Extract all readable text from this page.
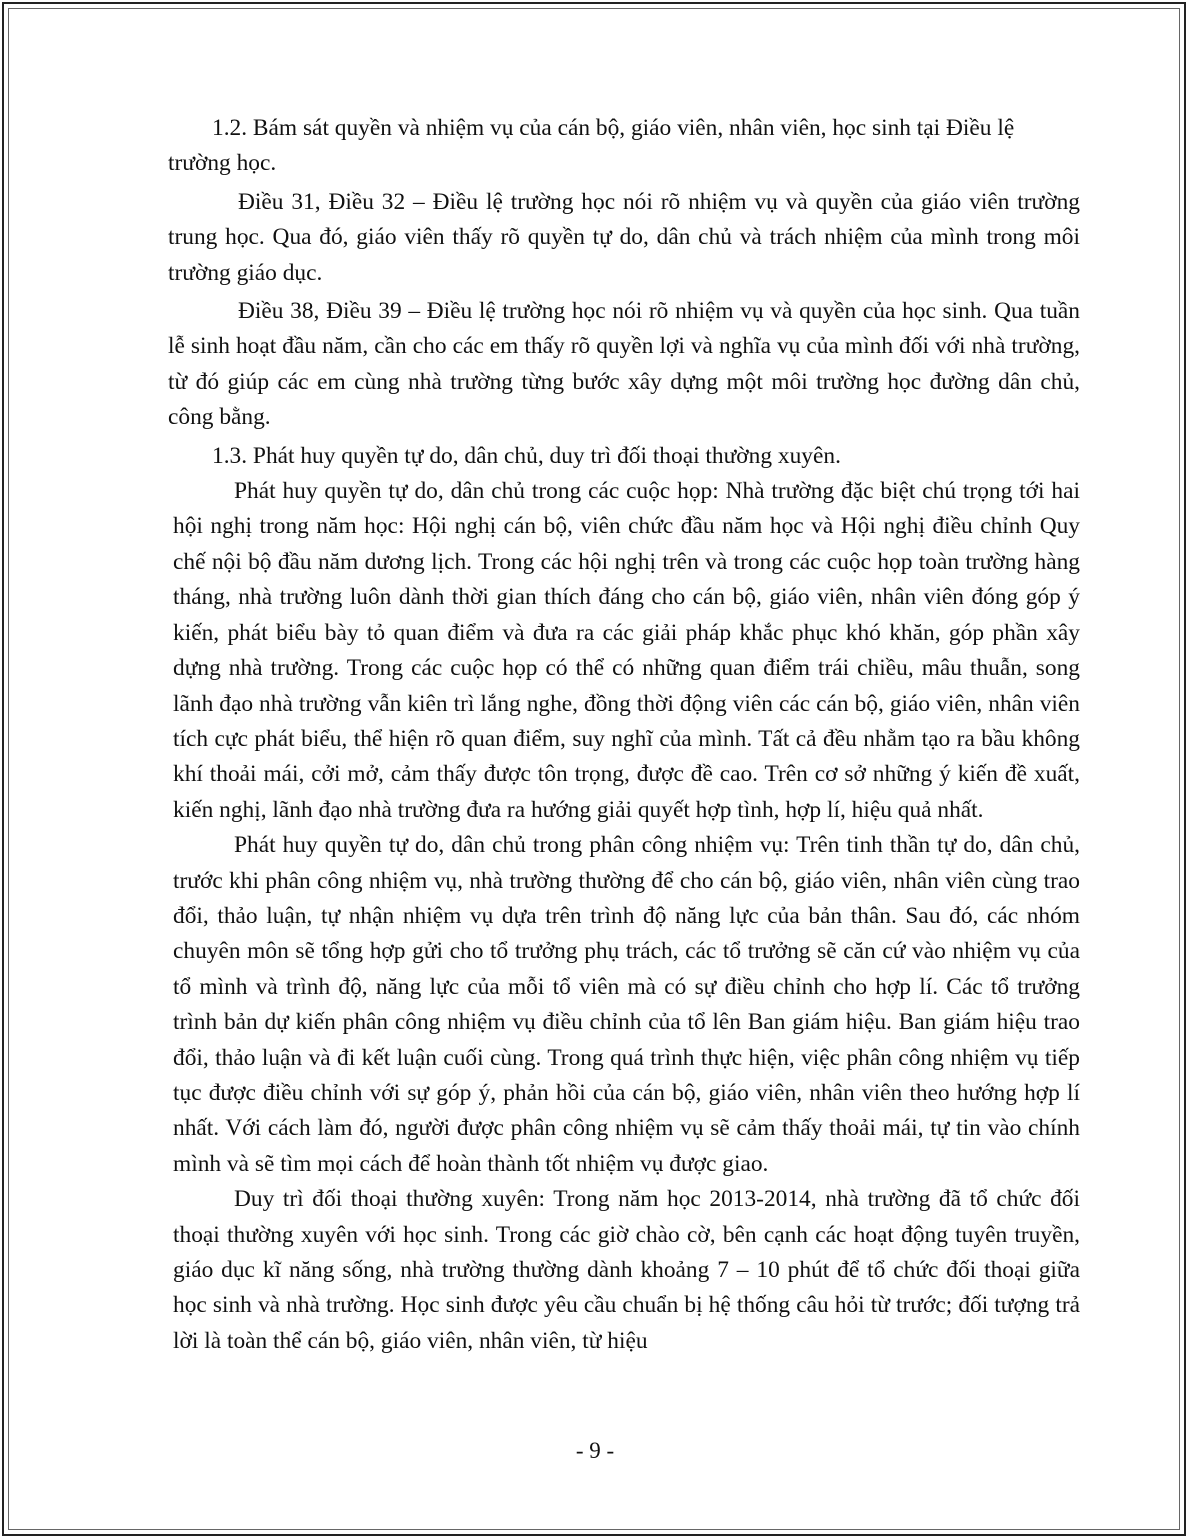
1.2. Bám sát quyền và nhiệm vụ của cán bộ, giáo viên, nhân viên, học sinh tại Điều lệ trường học.

Điều 31, Điều 32 – Điều lệ trường học nói rõ nhiệm vụ và quyền của giáo viên trường trung học. Qua đó, giáo viên thấy rõ quyền tự do, dân chủ và trách nhiệm của mình trong môi trường giáo dục.

Điều 38, Điều 39 – Điều lệ trường học nói rõ nhiệm vụ và quyền của học sinh. Qua tuần lễ sinh hoạt đầu năm, cần cho các em thấy rõ quyền lợi và nghĩa vụ của mình đối với nhà trường, từ đó giúp các em cùng nhà trường từng bước xây dựng một môi trường học đường dân chủ, công bằng.

1.3. Phát huy quyền tự do, dân chủ, duy trì đối thoại thường xuyên.

Phát huy quyền tự do, dân chủ trong các cuộc họp: Nhà trường đặc biệt chú trọng tới hai hội nghị trong năm học: Hội nghị cán bộ, viên chức đầu năm học và Hội nghị điều chỉnh Quy chế nội bộ đầu năm dương lịch. Trong các hội nghị trên và trong các cuộc họp toàn trường hàng tháng, nhà trường luôn dành thời gian thích đáng cho cán bộ, giáo viên, nhân viên đóng góp ý kiến, phát biểu bày tỏ quan điểm và đưa ra các giải pháp khắc phục khó khăn, góp phần xây dựng nhà trường. Trong các cuộc họp có thể có những quan điểm trái chiều, mâu thuẫn, song lãnh đạo nhà trường vẫn kiên trì lắng nghe, đồng thời động viên các cán bộ, giáo viên, nhân viên tích cực phát biểu, thể hiện rõ quan điểm, suy nghĩ của mình. Tất cả đều nhằm tạo ra bầu không khí thoải mái, cởi mở, cảm thấy được tôn trọng, được đề cao. Trên cơ sở những ý kiến đề xuất, kiến nghị, lãnh đạo nhà trường đưa ra hướng giải quyết hợp tình, hợp lí, hiệu quả nhất.

Phát huy quyền tự do, dân chủ trong phân công nhiệm vụ: Trên tinh thần tự do, dân chủ, trước khi phân công nhiệm vụ, nhà trường thường để cho cán bộ, giáo viên, nhân viên cùng trao đổi, thảo luận, tự nhận nhiệm vụ dựa trên trình độ năng lực của bản thân. Sau đó, các nhóm chuyên môn sẽ tổng hợp gửi cho tổ trưởng phụ trách, các tổ trưởng sẽ căn cứ vào nhiệm vụ của tổ mình và trình độ, năng lực của mỗi tổ viên mà có sự điều chỉnh cho hợp lí. Các tổ trưởng trình bản dự kiến phân công nhiệm vụ điều chỉnh của tổ lên Ban giám hiệu. Ban giám hiệu trao đổi, thảo luận và đi kết luận cuối cùng. Trong quá trình thực hiện, việc phân công nhiệm vụ tiếp tục được điều chỉnh với sự góp ý, phản hồi của cán bộ, giáo viên, nhân viên theo hướng hợp lí nhất. Với cách làm đó, người được phân công nhiệm vụ sẽ cảm thấy thoải mái, tự tin vào chính mình và sẽ tìm mọi cách để hoàn thành tốt nhiệm vụ được giao.

Duy trì đối thoại thường xuyên: Trong năm học 2013-2014, nhà trường đã tổ chức đối thoại thường xuyên với học sinh. Trong các giờ chào cờ, bên cạnh các hoạt động tuyên truyền, giáo dục kĩ năng sống, nhà trường thường dành khoảng 7 – 10 phút để tổ chức đối thoại giữa học sinh và nhà trường. Học sinh được yêu cầu chuẩn bị hệ thống câu hỏi từ trước; đối tượng trả lời là toàn thể cán bộ, giáo viên, nhân viên, từ hiệu

- 9 -
